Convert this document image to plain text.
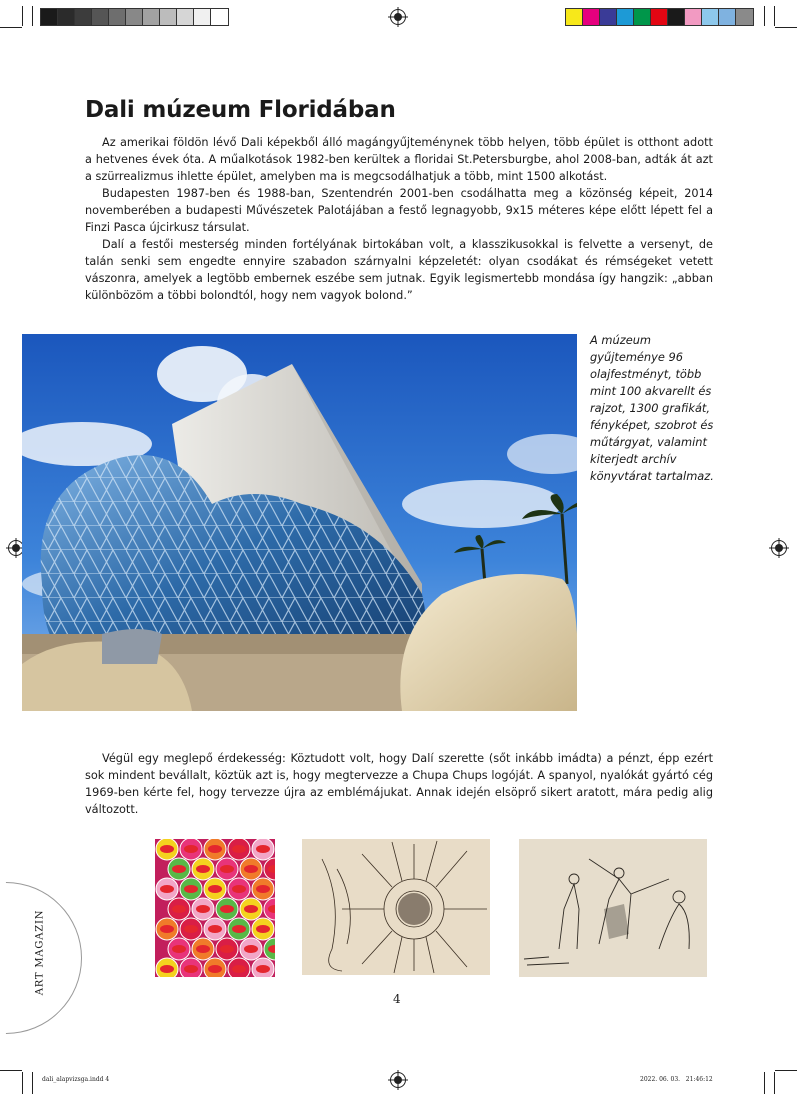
Dali múzeum Floridában

Az amerikai földön lévő Dali képekből álló magángyűjteménynek több helyen, több épület is otthont adott a hetvenes évek óta. A műalkotások 1982-ben kerültek a floridai St.Petersburgbe, ahol 2008-ban, adták át azt a szürrealizmus ihlette épület, amelyben ma is megcsodálhatjuk a több, mint 1500 alkotást.

Budapesten 1987-ben és 1988-ban, Szentendrén 2001-ben csodálhatta meg a közönség képeit, 2014 novemberében a budapesti Művészetek Palotájában a festő legnagyobb, 9x15 méteres képe előtt lépett fel a Finzi Pasca újcirkusz társulat.

Dalí a festői mesterség minden fortélyának birtokában volt, a klasszikusokkal is felvette a versenyt, de talán senki sem engedte ennyire szabadon szárnyalni képzeletét: olyan csodákat és rémségeket vetett vászonra, amelyek a legtöbb embernek eszébe sem jutnak. Egyik legismertebb mondása így hangzik: „abban különbözöm a többi bolondtól, hogy nem vagyok bolond.”

A múzeum gyűjteménye 96 olajfestményt, több mint 100 akvarellt és rajzot, 1300 grafikát, fényképet, szobrot és műtárgyat, valamint kiterjedt archív könyvtárat tartalmaz.

Végül egy meglepő érdekesség: Köztudott volt, hogy Dalí szerette (sőt inkább imádta) a pénzt, épp ezért sok mindent bevállalt, köztük azt is, hogy megtervezze a Chupa Chups logóját. A spanyol, nyalókát gyártó cég 1969-ben kérte fel, hogy tervezze újra az emblémájukat. Annak idején elsöprő sikert aratott, mára pedig alig változott.

ART MAGAZIN
4
dali_alapvizsga.indd 4	2022. 06. 03.   21:46:12
